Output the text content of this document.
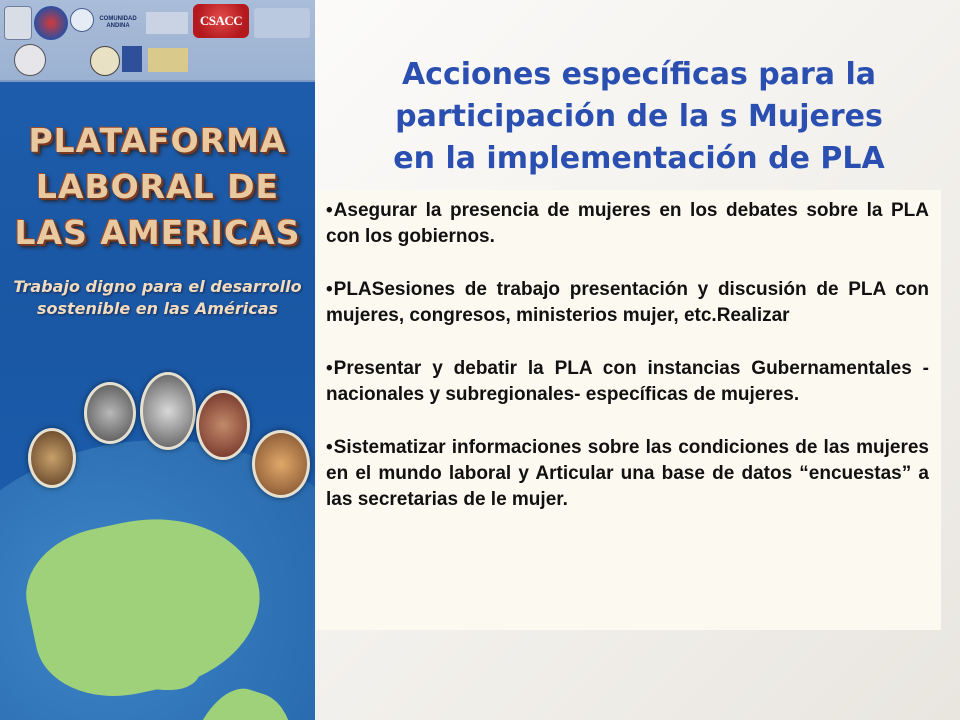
COMUNIDAD ANDINA	CSACC
PLATAFORMA
LABORAL DE
LAS AMERICAS
Trabajo digno para el desarrollo
sostenible en las Américas
Acciones específicas para la
participación de la s Mujeres
en la implementación de PLA
•Asegurar la presencia de mujeres en los debates sobre la PLA con los gobiernos.
•PLASesiones de trabajo presentación y discusión de PLA con mujeres, congresos, ministerios mujer, etc.Realizar
•Presentar y debatir la PLA con instancias Gubernamentales -nacionales y subregionales- específicas de mujeres.
•Sistematizar informaciones sobre las condiciones de las mujeres en el mundo laboral y Articular una base de datos “encuestas” a las secretarias de le mujer.
